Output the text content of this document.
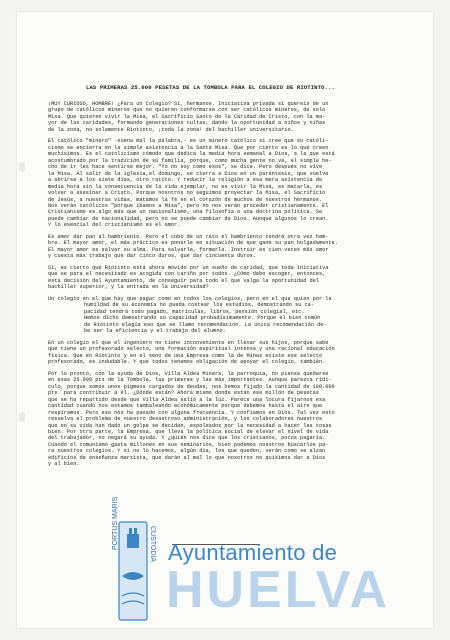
LAS PRIMERAS 25.000 PESETAS DE LA TOMBOLA PARA EL COLEGIO DE RIOTINTO...
¡MUY CURIOSO, HOMBRE! ¿Para un Colegio? Sí, hermanos. Iniciativa privada si quereis de un
grupo de católicos mineros que no quieren conformarse con ser católicos mineros, de solo
Misa. Que quieren vivir la Misa, el Sacrificio Santo de la Caridad de Cristo, con la ma-
yor de las caridades, formando generaciones cultas, dando la oportunidad a niños y niñas
de la zona, no solamente Riotinto, ¡toda la zona! del bachiller universitario.
El católico "minero" -suena mal la palabra,- es un minero católico si cree que su católi-
cismo se encierra en la simple asistencia a la Santa Misa. Que por cierto es lo que creen
muchísimos. Es el catolicismo cómodo que dedica la media hora semanal a Dios, a la que está
acostumbrado por la tradición de su familia, porque, como mucha gente no va, el simple he-
cho de ir les hace sentirse mejor. "Yo no soy como ésos", se dice. Pero después no vive
la Misa. Al salir de la iglesia,el domingo, se cierra a Dios en un paréntesis, que vuelve
a abrirse a los siete días, otro ratito. Y reducir la religión a esa mera asistencia de
media hora sin la consecuencia de la vida ejemplar, no es vivir la Misa, es matarla, es
volver a asesinar a Cristo. Porque nosotros no seguimos proyectar la Misa, el Sacrificio
de Jesús, a nuestras vidas, matamos la fé en el corazón de muchos de nuestros hermanos.
Nos verán católicos "porque íbamos a Misa", pero no nos verán proceder cristianamente. El
Cristianismo es algo más que un nacionalismo, una filosofía o una doctrina política. Se
puede cambiar de nacionalidad, pero no se puede cambiar de Dios. Aunque algunos lo crean.
Y lo esencial del cristianismo es el amor.
Es amor dar pan al hambriento. Pero el cubo de un rato el hambriento tendrá otra vez ham-
bre. El mayor amor, el más práctico es ponerle en situación de que gane su pan holgadamente.
El mayor amor es salvar su alma. Para salvarla, formarla. Instruir es cien veces más amor
y cuesta más trabajo que dar cinco duros, que dar cincuenta duros.
Sí, es cierto que Riotinto está ahora movido por un sueño de caridad, que toda iniciativa
que se para el necesitado es acogida con cariño por todos. ¿Cómo debo escoger, entonces,
esta decisión del Ayuntamiento, de conseguir para todo el que valga la oportunidad del
bachiller superior, y la entrada en la Universidad?
Un colegio en el que hay que pagar como en todos los colegios, pero en el que quien por la
humildad de su economía no pueda costear los estudios, demostrando su ca-
pacidad tendrá todo pagado, matrículas, libros, pensión colegial, etc.
Hemos dicho demostrando su capacidad probadísimamente. Porque el bien común
de Riotinto elegía eso que se llamo recomendación. La única recomendación de-
be ser la eficiencia y el trabajo del alumno.
En un colegio el que el ingeniero no tiene inconveniente en llevar sus hijos, porque sabe
que tiene un profesorado selecto, una formación espiritual intensa y una racional educación
física. Que en Riotinto y en el seno de una Empresa como la de Minas existe ese selecto
profesorado, es indudable. Y que todos tenemos obligación de apoyar el colegio, también.
Por lo pronto, con la ayuda de Dios, Villa Aldea Minera, la parroquia, no piensa quedarse
en esas 25.000 pts de la Tómbola, las primeras y las más importantes. Aunque parezca ridí-
culo, porque somos unos pigmeos cargados de deudas, nos hemos fijado la cantidad de 100.000
pts. para contribuir a él. ¿Dónde están? Ahora mismo donde están ese millón de pesetas
que se ha repartido desde que Villa Aldea salió a la luz. Parece una locura fijarnos esa
cantidad cuando nos estamos tambaleando económicamente porque debemos hasta el aire que
respiramos. Pero eso nos ha pasado con alguna frecuencia. Y confiamos en Dios. Tal vez esto
resuelva el problema de nuestro desastroso administración, y los colaboradores nuestros
que en su vida han dado un golpe se decidan, espoleados por la necesidad a hacer las cosas
bien. Por otra parte, la Empresa, que lleva la política social de elevar el nivel de vida
del trabajador, no negará su ayuda. Y ¿quién nos dice que los cristianos, pocos pagaría.
Cuando el comunismo gasta millones en sus seminarios, bien podemos nosotros buscarlos pa-
ra nuestros colegios. Y si no lo hacemos, algún día, los que queden, verán como se alzan
edificios de enseñanza marxista, que darán al mal lo que nosotros no quisimos dar a Dios
y al bien.
PORTUS MARIS	CUSTODIA Ayuntamiento de
HUELVA
